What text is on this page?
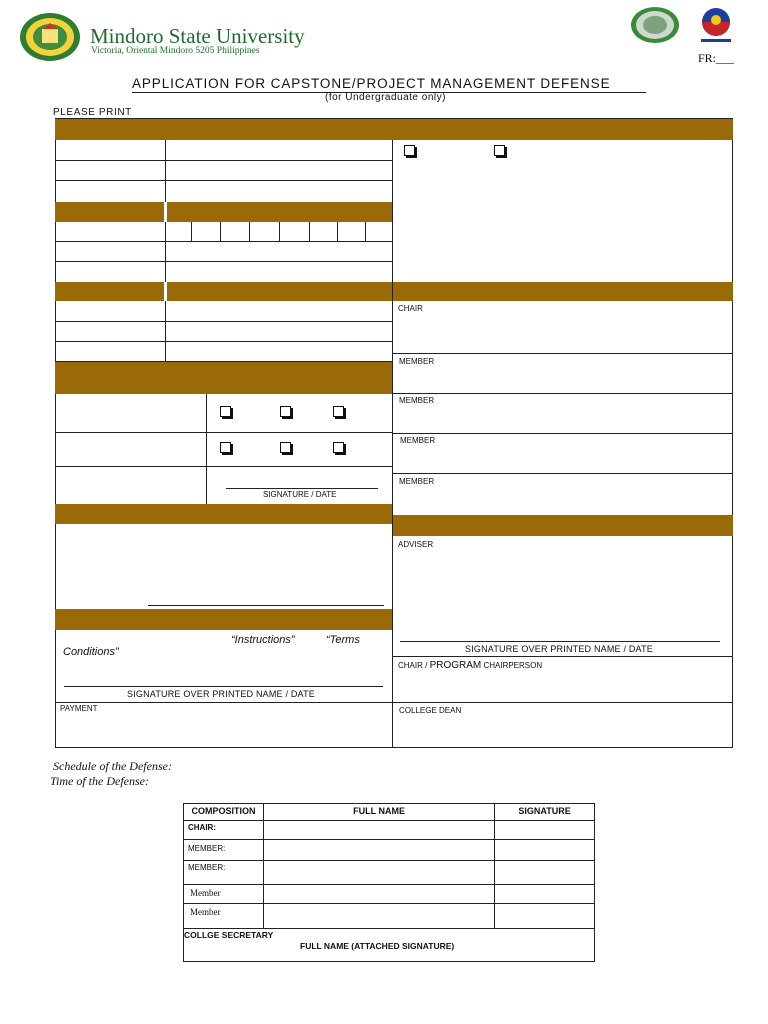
Mindoro State University
Victoria, Oriental Mindoro 5205 Philippines	FR:___
APPLICATION FOR CAPSTONE/PROJECT MANAGEMENT DEFENSE
(for Undergraduate only)
PLEASE PRINT
CHAIR
MEMBER
MEMBER
MEMBER
MEMBER
ADVISER
SIGNATURE OVER PRINTED NAME / DATE
CHAIR / PROGRAM CHAIRPERSON
COLLEGE DEAN
SIGNATURE / DATE
“Instructions”	“Terms
Conditions”
SIGNATURE OVER PRINTED NAME / DATE
PAYMENT
Schedule of the Defense:
Time of the Defense:
COMPOSITION	FULL NAME	SIGNATURE
CHAIR:		
MEMBER:		
MEMBER:		
Member		
Member		

COLLGE SECRETARY
FULL NAME (ATTACHED SIGNATURE)		
